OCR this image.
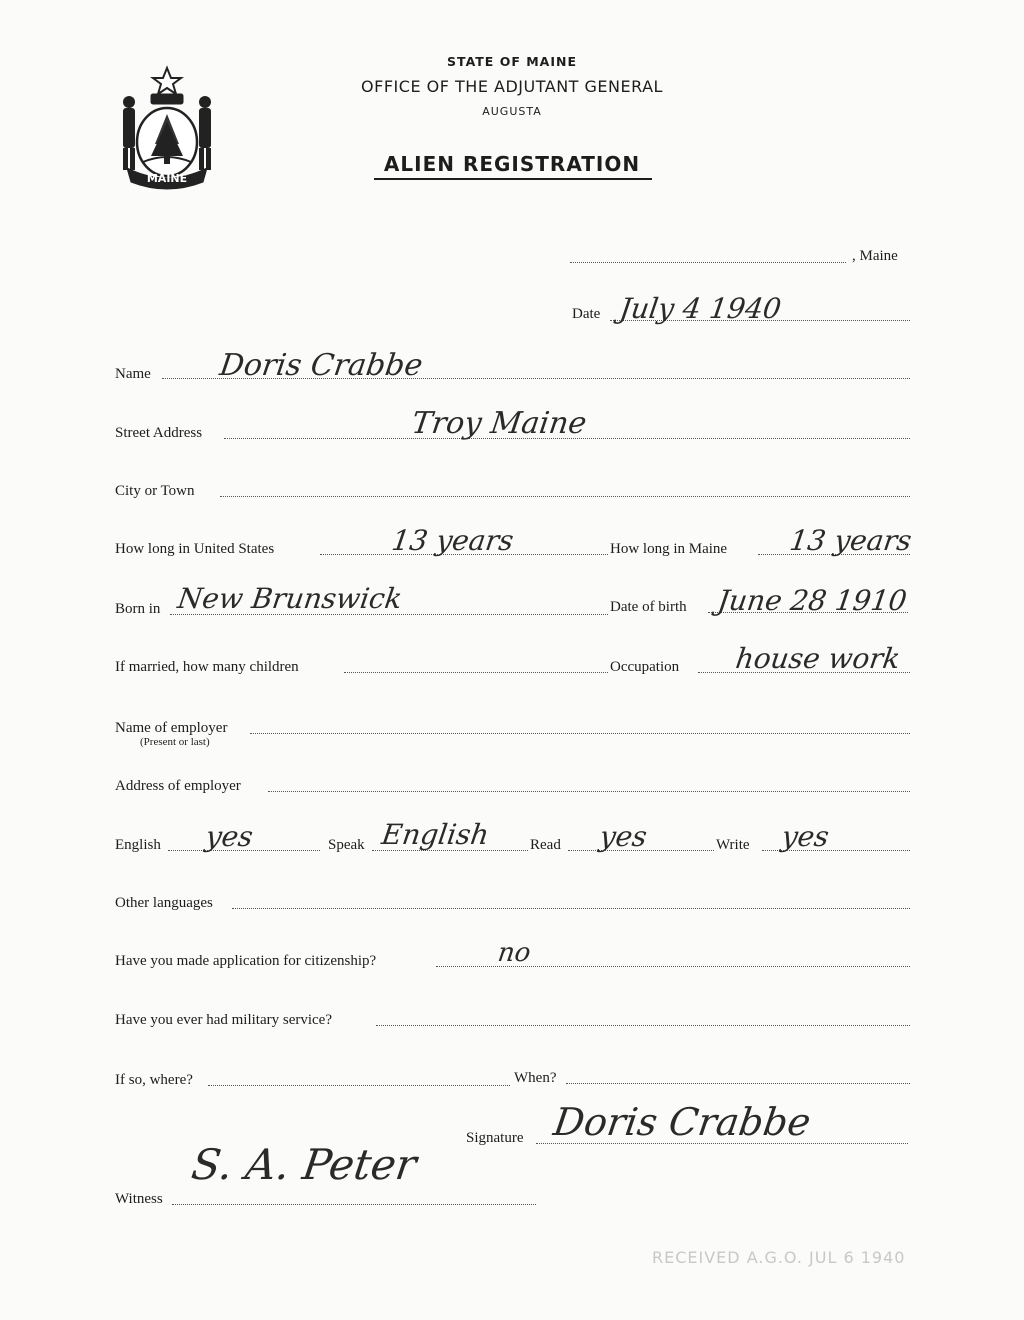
STATE OF MAINE
OFFICE OF THE ADJUTANT GENERAL
AUGUSTA
ALIEN REGISTRATION
MAINE
, Maine
Date July 4 1940
Name Doris Crabbe
Street Address	Troy Maine
City or Town
How long in United States	13 years	How long in Maine 13 years
Born in New Brunswick	Date of birth June 28 1910
If married, how many children	Occupation house work
Name of employer
(Present or last)
Address of employer
English yes	Speak English	Read yes	Write yes
Other languages
Have you made application for citizenship?	no
Have you ever had military service?
If so, where?	When?
Signature Doris Crabbe
Witness
S. A. Peter
RECEIVED A.G.O. JUL 6 1940
